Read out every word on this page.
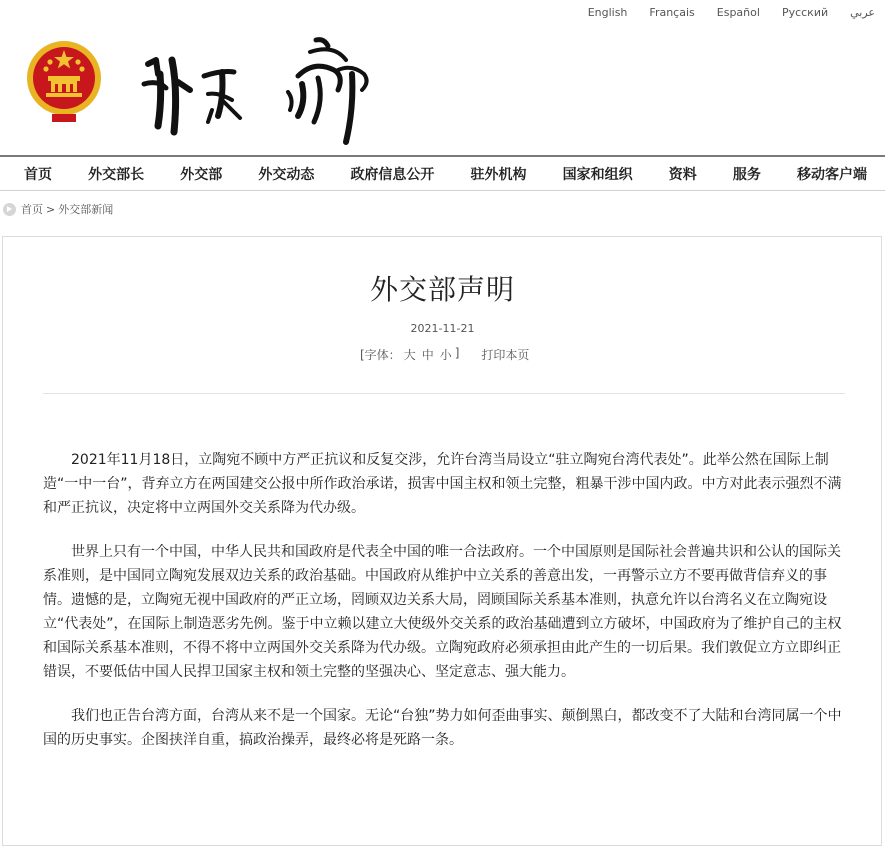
English Français Español Русский عربي
首页	外交部长	外交部	外交动态	政府信息公开	驻外机构	国家和组织	资料	服务	移动客户端
首页 > 外交部新闻
外交部声明
2021-11-21
[字体： 大 中 小 ] 打印本页

2021年11月18日，立陶宛不顾中方严正抗议和反复交涉，允许台湾当局设立“驻立陶宛台湾代表处”。此举公然在国际上制造“一中一台”，背弃立方在两国建交公报中所作政治承诺，损害中国主权和领土完整，粗暴干涉中国内政。中方对此表示强烈不满和严正抗议，决定将中立两国外交关系降为代办级。

世界上只有一个中国，中华人民共和国政府是代表全中国的唯一合法政府。一个中国原则是国际社会普遍共识和公认的国际关系准则，是中国同立陶宛发展双边关系的政治基础。中国政府从维护中立关系的善意出发，一再警示立方不要再做背信弃义的事情。遗憾的是，立陶宛无视中国政府的严正立场，罔顾双边关系大局，罔顾国际关系基本准则，执意允许以台湾名义在立陶宛设立“代表处”，在国际上制造恶劣先例。鉴于中立赖以建立大使级外交关系的政治基础遭到立方破坏，中国政府为了维护自己的主权和国际关系基本准则，不得不将中立两国外交关系降为代办级。立陶宛政府必须承担由此产生的一切后果。我们敦促立方立即纠正错误，不要低估中国人民捍卫国家主权和领土完整的坚强决心、坚定意志、强大能力。

我们也正告台湾方面，台湾从来不是一个国家。无论“台独”势力如何歪曲事实、颠倒黑白，都改变不了大陆和台湾同属一个中国的历史事实。企图挟洋自重，搞政治操弄，最终必将是死路一条。
